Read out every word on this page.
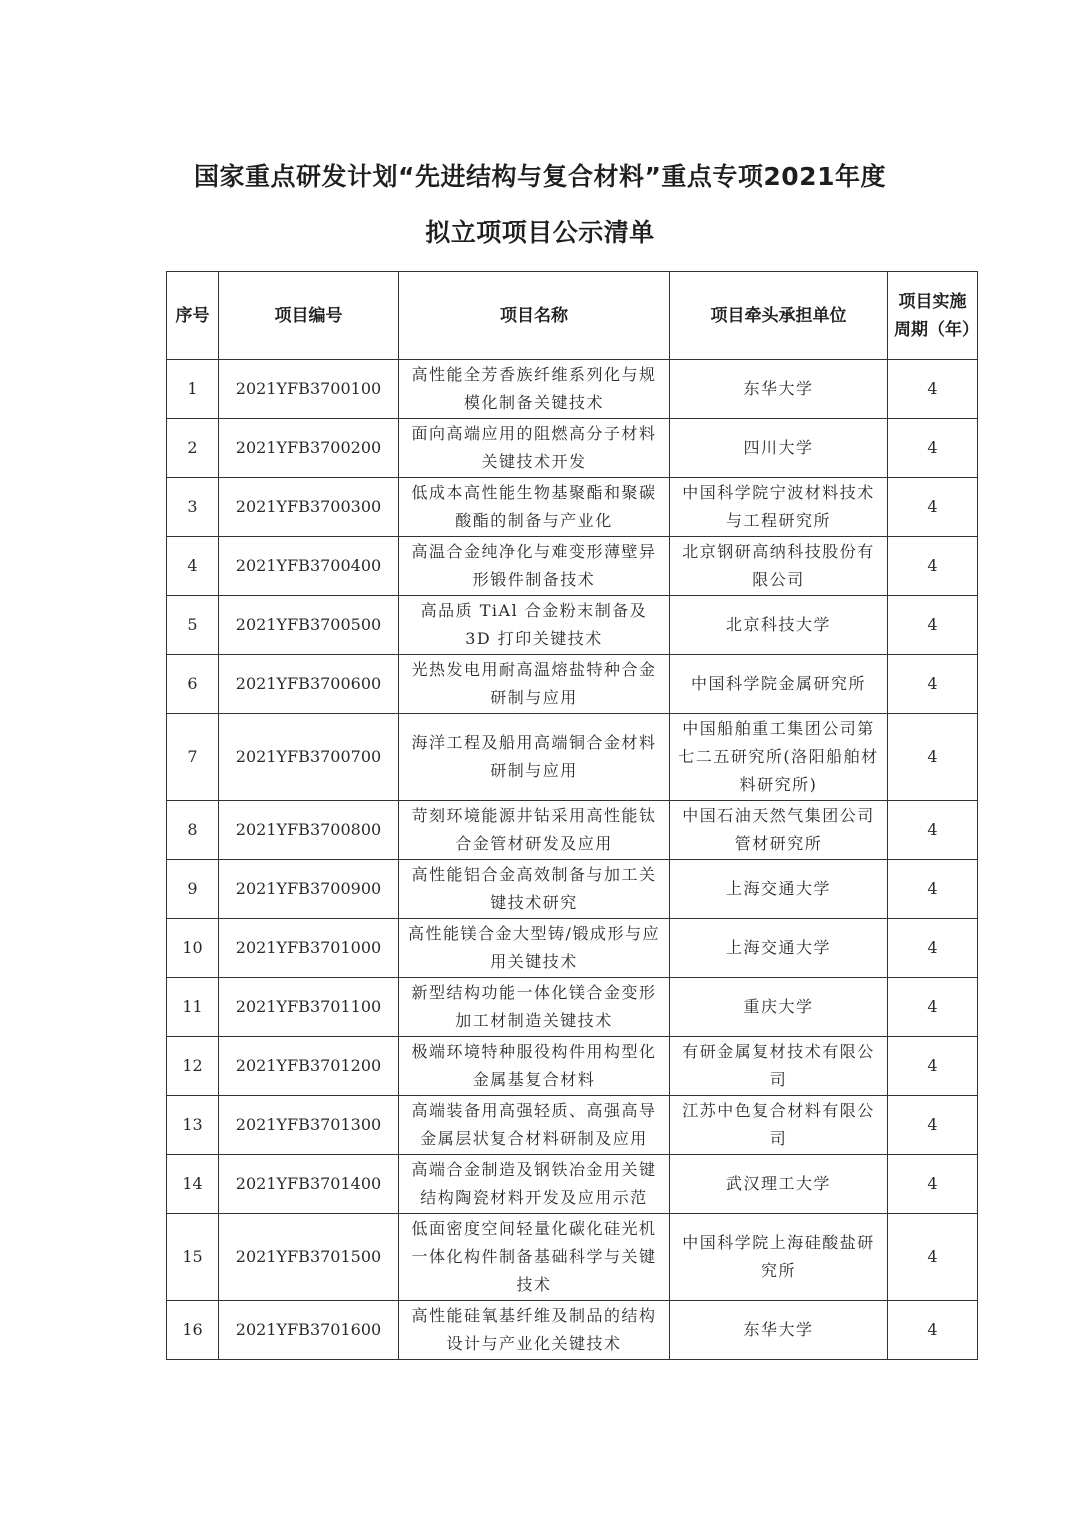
国家重点研发计划“先进结构与复合材料”重点专项2021年度
拟立项项目公示清单
序号	项目编号	项目名称	项目牵头承担单位	项目实施周期（年）
1	2021YFB3700100	高性能全芳香族纤维系列化与规模化制备关键技术	东华大学	4
2	2021YFB3700200	面向高端应用的阻燃高分子材料关键技术开发	四川大学	4
3	2021YFB3700300	低成本高性能生物基聚酯和聚碳酸酯的制备与产业化	中国科学院宁波材料技术与工程研究所	4
4	2021YFB3700400	高温合金纯净化与难变形薄壁异形锻件制备技术	北京钢研高纳科技股份有限公司	4
5	2021YFB3700500	高品质 TiAl 合金粉末制备及 3D 打印关键技术	北京科技大学	4
6	2021YFB3700600	光热发电用耐高温熔盐特种合金研制与应用	中国科学院金属研究所	4
7	2021YFB3700700	海洋工程及船用高端铜合金材料研制与应用	中国船舶重工集团公司第七二五研究所(洛阳船舶材料研究所)	4
8	2021YFB3700800	苛刻环境能源井钻采用高性能钛合金管材研发及应用	中国石油天然气集团公司管材研究所	4
9	2021YFB3700900	高性能铝合金高效制备与加工关键技术研究	上海交通大学	4
10	2021YFB3701000	高性能镁合金大型铸/锻成形与应用关键技术	上海交通大学	4
11	2021YFB3701100	新型结构功能一体化镁合金变形加工材制造关键技术	重庆大学	4
12	2021YFB3701200	极端环境特种服役构件用构型化金属基复合材料	有研金属复材技术有限公司	4
13	2021YFB3701300	高端装备用高强轻质、高强高导金属层状复合材料研制及应用	江苏中色复合材料有限公司	4
14	2021YFB3701400	高端合金制造及钢铁冶金用关键结构陶瓷材料开发及应用示范	武汉理工大学	4
15	2021YFB3701500	低面密度空间轻量化碳化硅光机一体化构件制备基础科学与关键技术	中国科学院上海硅酸盐研究所	4
16	2021YFB3701600	高性能硅氧基纤维及制品的结构设计与产业化关键技术	东华大学	4
